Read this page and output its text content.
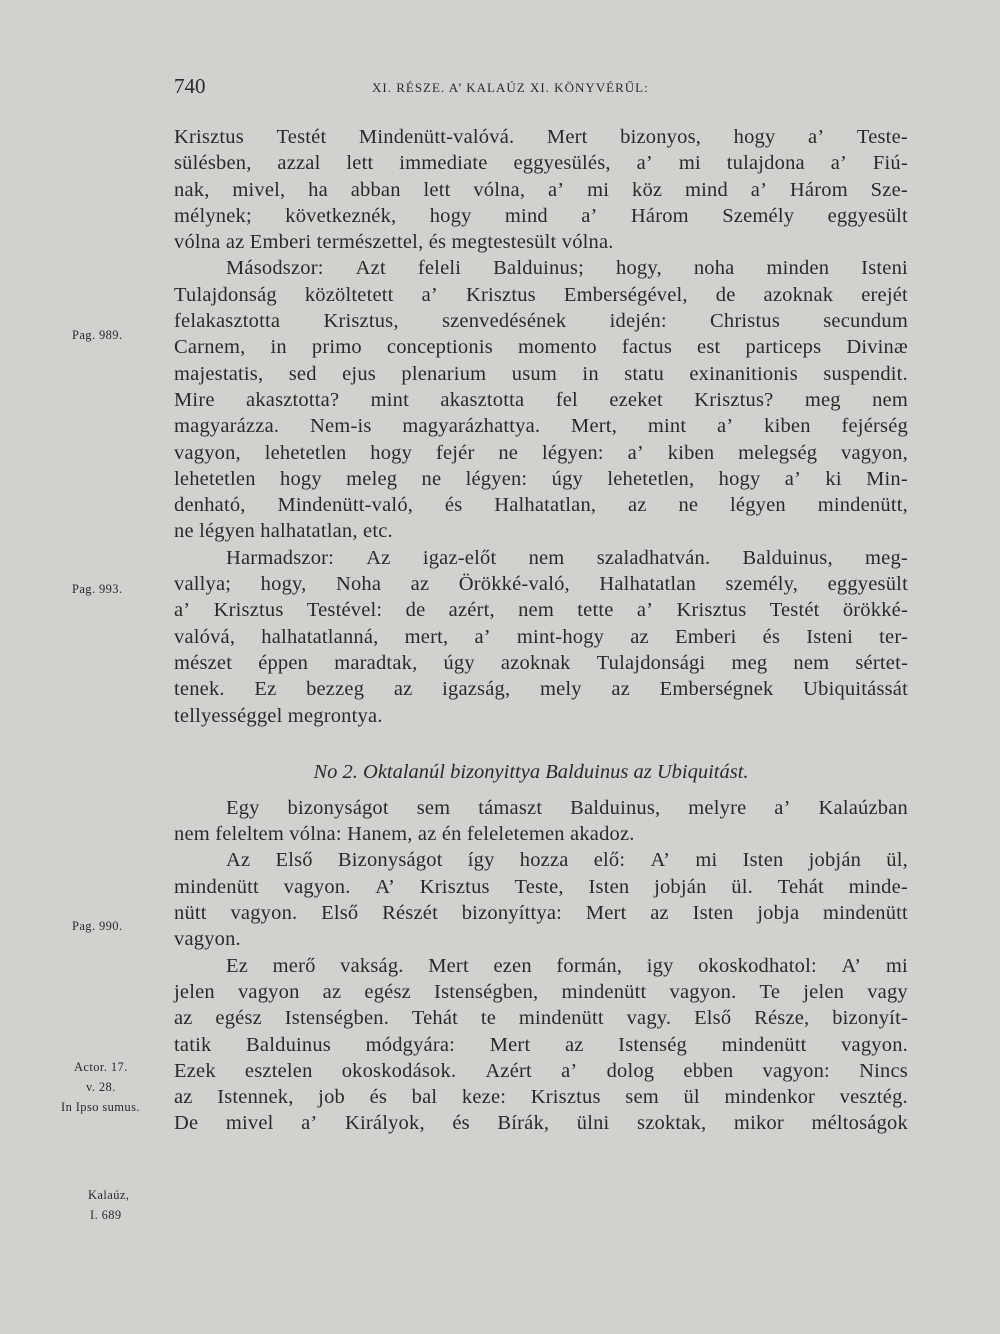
740	XI. RÉSZE. A’ KALAÚZ XI. KÖNYVÉRŰL:
Krisztus Testét Mindenütt-valóvá. Mert bizonyos, hogy a’ Teste-
sülésben, azzal lett immediate eggyesülés, a’ mi tulajdona a’ Fiú-
nak, mivel, ha abban lett vólna, a’ mi köz mind a’ Három Sze-
mélynek; következnék, hogy mind a’ Három Személy eggyesült
vólna az Emberi természettel, és megtestesült vólna.
Másodszor: Azt feleli Balduinus; hogy, noha minden Isteni
Tulajdonság közöltetett a’ Krisztus Emberségével, de azoknak erejét
felakasztotta Krisztus, szenvedésének idején: Christus secundum
Carnem, in primo conceptionis momento factus est particeps Divinæ
majestatis, sed ejus plenarium usum in statu exinanitionis suspendit.
Mire akasztotta? mint akasztotta fel ezeket Krisztus? meg nem
magyarázza. Nem-is magyarázhattya. Mert, mint a’ kiben fejérség
vagyon, lehetetlen hogy fejér ne légyen: a’ kiben melegség vagyon,
lehetetlen hogy meleg ne légyen: úgy lehetetlen, hogy a’ ki Min-
denható, Mindenütt-való, és Halhatatlan, az ne légyen mindenütt,
ne légyen halhatatlan, etc.
Harmadszor: Az igaz-előt nem szaladhatván. Balduinus, meg-
vallya; hogy, Noha az Örökké-való, Halhatatlan személy, eggyesült
a’ Krisztus Testével: de azért, nem tette a’ Krisztus Testét örökké-
valóvá, halhatatlanná, mert, a’ mint-hogy az Emberi és Isteni ter-
mészet éppen maradtak, úgy azoknak Tulajdonsági meg nem sértet-
tenek. Ez bezzeg az igazság, mely az Emberségnek Ubiquitássát
tellyességgel megrontya.
No 2. Oktalanúl bizonyittya Balduinus az Ubiquitást.
Egy bizonyságot sem támaszt Balduinus, melyre a’ Kalaúzban
nem feleltem vólna: Hanem, az én feleletemen akadoz.
Az Első Bizonyságot így hozza elő: A’ mi Isten jobján ül,
mindenütt vagyon. A’ Krisztus Teste, Isten jobján ül. Tehát minde-
nütt vagyon. Első Részét bizonyíttya: Mert az Isten jobja mindenütt
vagyon.
Ez merő vakság. Mert ezen formán, igy okoskodhatol: A’ mi
jelen vagyon az egész Istenségben, mindenütt vagyon. Te jelen vagy
az egész Istenségben. Tehát te mindenütt vagy. Első Része, bizonyít-
tatik Balduinus módgyára: Mert az Istenség mindenütt vagyon.
Ezek esztelen okoskodások. Azért a’ dolog ebben vagyon: Nincs
az Istennek, job és bal keze: Krisztus sem ül mindenkor vesztég.
De mivel a’ Királyok, és Bírák, ülni szoktak, mikor méltoságok
Pag. 989.
Pag. 993.
Pag. 990.
Actor. 17.
v. 28.
In Ipso sumus.
Kalaúz,
I. 689
